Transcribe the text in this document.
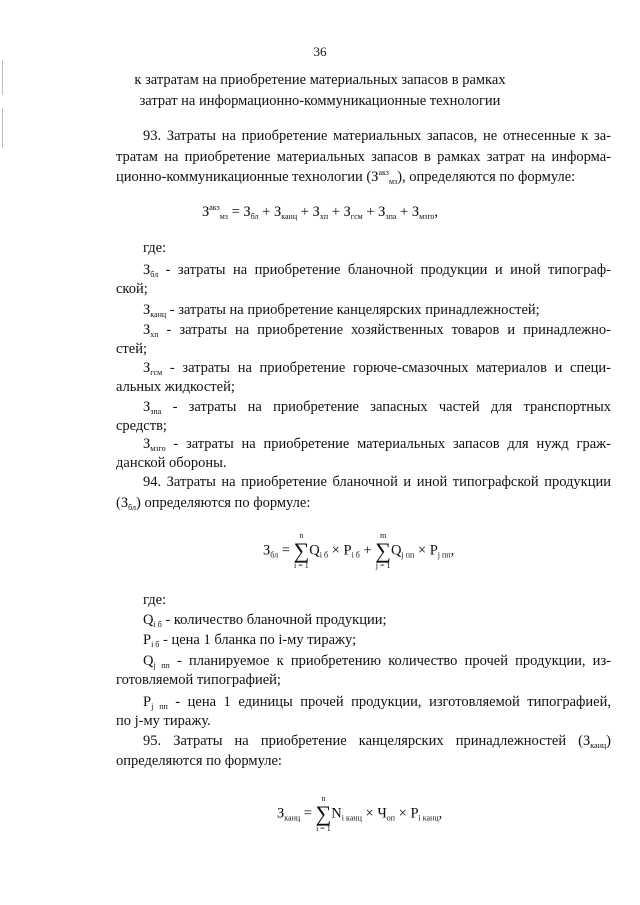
36
к затратам на приобретение материальных запасов в рамках
затрат на информационно-коммуникационные технологии
93. Затраты на приобретение материальных запасов, не отнесенные к за-
тратам на приобретение материальных запасов в рамках затрат на информа-
ционно-коммуникационные технологии $(З^{акз}_{мз})$, определяются по формуле:
$З^{акз}_{мз} = З_{бл} + З_{канц} + З_{хп} + З_{гсм} + З_{зпа} + З_{мзго}$,
где:
$З_{бл}$ - затраты на приобретение бланочной продукции и иной типограф-
ской;
$З_{канц}$ - затраты на приобретение канцелярских принадлежностей;
$З_{хп}$ - затраты на приобретение хозяйственных товаров и принадлежно-
стей;
$З_{гсм}$ - затраты на приобретение горюче-смазочных материалов и специ-
альных жидкостей;
$З_{зпа}$ - затраты на приобретение запасных частей для транспортных
средств;
$З_{мзго}$ - затраты на приобретение материальных запасов для нужд граж-
данской обороны.
94. Затраты на приобретение бланочной и иной типографской продукции
$(З_{бл})$ определяются по формуле:
$З_{бл}$ =
n
∑
i = 1
$Q_{i б} \times P_{i б}$ +
m
∑
j = 1
$Q_{j пп} \times P_{j пп}$,
где:
$Q_{i б}$ - количество бланочной продукции;
$P_{i б}$ - цена 1 бланка по i-му тиражу;
$Q_{j пп}$ - планируемое к приобретению количество прочей продукции, из-
готовляемой типографией;
$P_{j пп}$ - цена 1 единицы прочей продукции, изготовляемой типографией,
по j-му тиражу.
95. Затраты на приобретение канцелярских принадлежностей $(З_{канц})$
определяются по формуле:
$З_{канц}$ =
n
∑
i = 1
$N_{i канц} \times Ч_{оп} \times P_{i канц}$,
